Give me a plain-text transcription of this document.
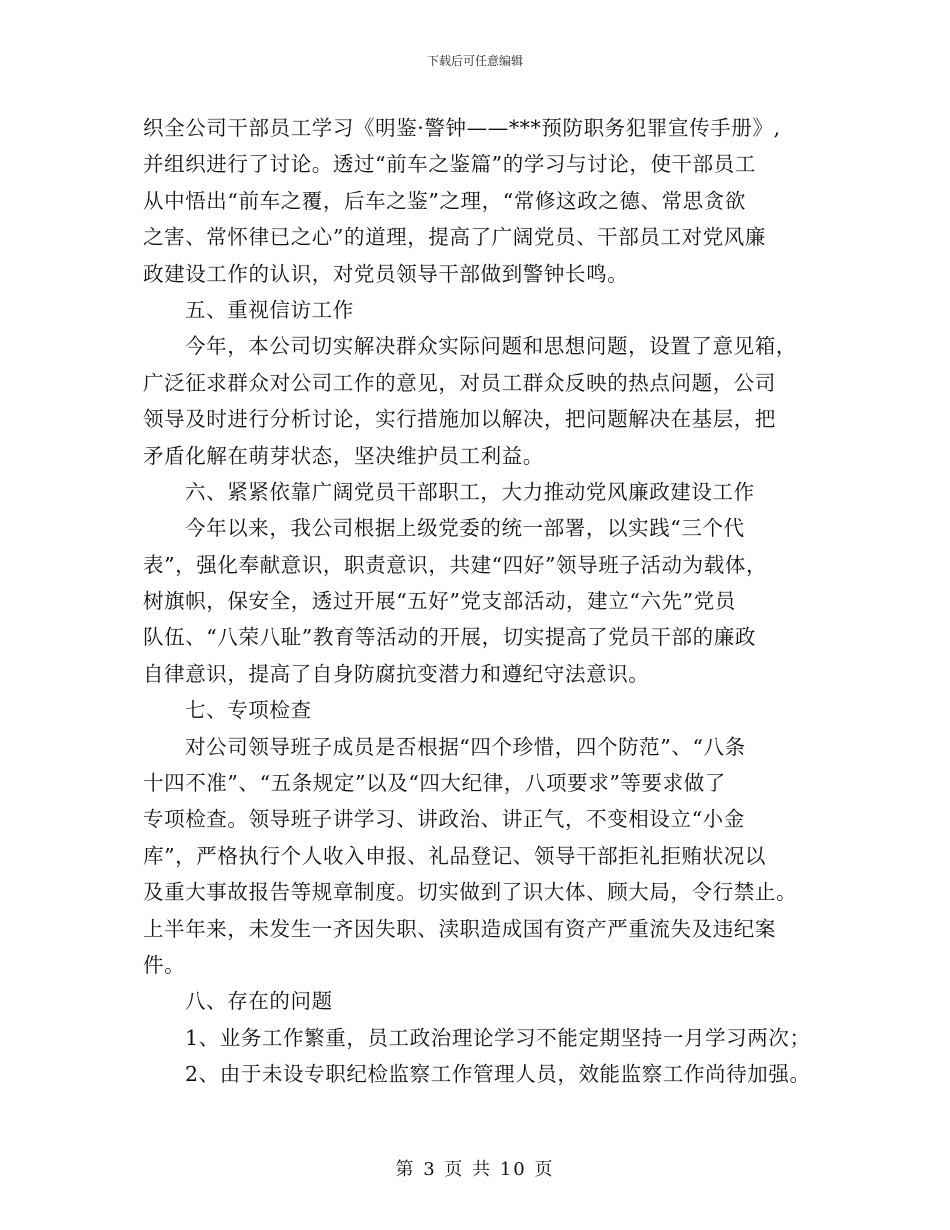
下载后可任意编辑
织全公司干部员工学习《明鉴·警钟——***预防职务犯罪宣传手册》,
并组织进行了讨论。透过“前车之鉴篇”的学习与讨论，使干部员工
从中悟出“前车之覆，后车之鉴”之理，“常修这政之德、常思贪欲
之害、常怀律已之心”的道理，提高了广阔党员、干部员工对党风廉
政建设工作的认识，对党员领导干部做到警钟长鸣。
五、重视信访工作
今年，本公司切实解决群众实际问题和思想问题，设置了意见箱，
广泛征求群众对公司工作的意见，对员工群众反映的热点问题，公司
领导及时进行分析讨论，实行措施加以解决，把问题解决在基层，把
矛盾化解在萌芽状态，坚决维护员工利益。
六、紧紧依靠广阔党员干部职工，大力推动党风廉政建设工作
今年以来，我公司根据上级党委的统一部署，以实践“三个代
表”，强化奉献意识，职责意识，共建“四好”领导班子活动为载体，
树旗帜，保安全，透过开展“五好”党支部活动，建立“六先”党员
队伍、“八荣八耻”教育等活动的开展，切实提高了党员干部的廉政
自律意识，提高了自身防腐抗变潜力和遵纪守法意识。
七、专项检查
对公司领导班子成员是否根据“四个珍惜，四个防范”、“八条
十四不准”、“五条规定”以及“四大纪律，八项要求”等要求做了
专项检查。领导班子讲学习、讲政治、讲正气，不变相设立“小金
库”，严格执行个人收入申报、礼品登记、领导干部拒礼拒贿状况以
及重大事故报告等规章制度。切实做到了识大体、顾大局，令行禁止。
上半年来，未发生一齐因失职、渎职造成国有资产严重流失及违纪案
件。
八、存在的问题
1、业务工作繁重，员工政治理论学习不能定期坚持一月学习两次；
2、由于未设专职纪检监察工作管理人员，效能监察工作尚待加强。
第 3 页 共 10 页
